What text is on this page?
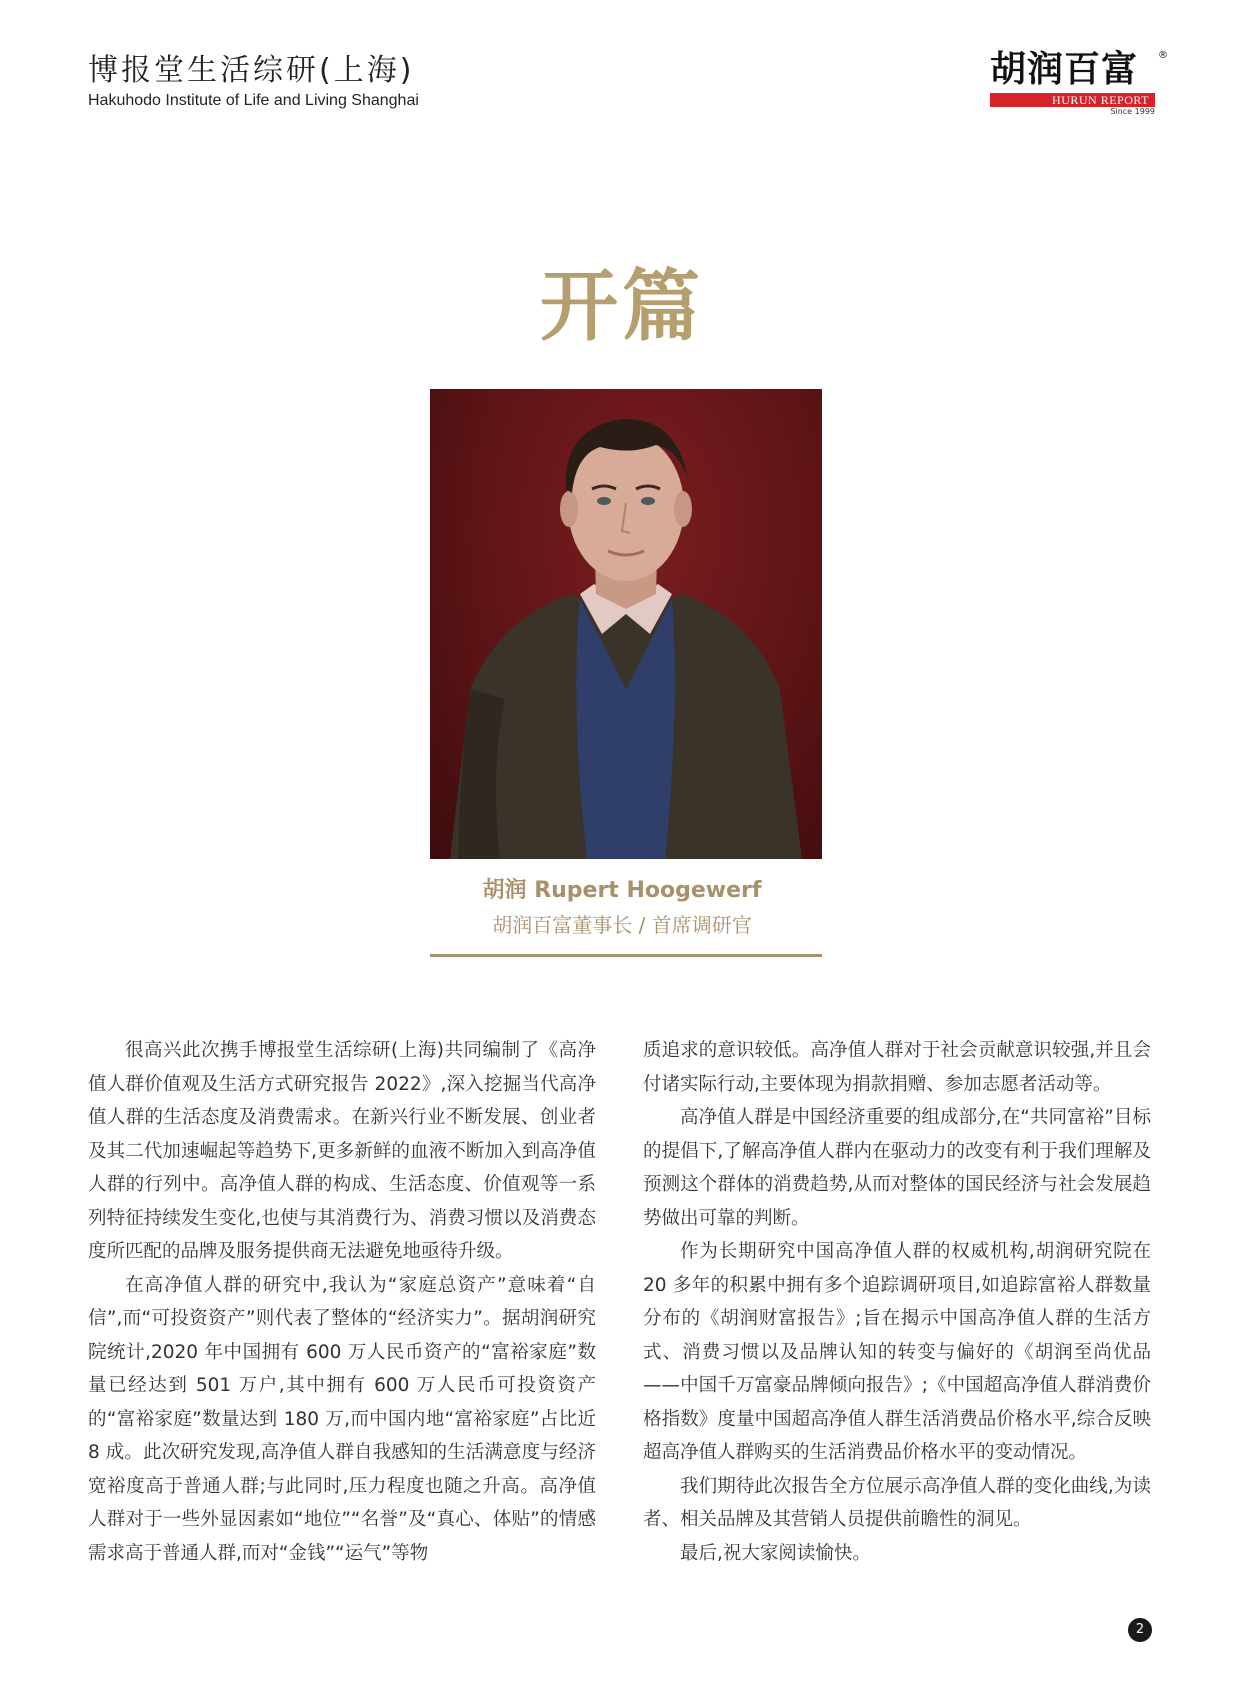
博报堂生活综研(上海)
Hakuhodo Institute of Life and Living Shanghai
胡润百富	®
HURUN REPORT
Since 1999
开篇
胡润 Rupert Hoogewerf
胡润百富董事长 / 首席调研官

很高兴此次携手博报堂生活综研(上海)共同编制了《高净值人群价值观及生活方式研究报告 2022》,深入挖掘当代高净值人群的生活态度及消费需求。在新兴行业不断发展、创业者及其二代加速崛起等趋势下,更多新鲜的血液不断加入到高净值人群的行列中。高净值人群的构成、生活态度、价值观等一系列特征持续发生变化,也使与其消费行为、消费习惯以及消费态度所匹配的品牌及服务提供商无法避免地亟待升级。

在高净值人群的研究中,我认为“家庭总资产”意味着“自信”,而“可投资资产”则代表了整体的“经济实力”。据胡润研究院统计,2020 年中国拥有 600 万人民币资产的“富裕家庭”数量已经达到 501 万户,其中拥有 600 万人民币可投资资产的“富裕家庭”数量达到 180 万,而中国内地“富裕家庭”占比近 8 成。此次研究发现,高净值人群自我感知的生活满意度与经济宽裕度高于普通人群;与此同时,压力程度也随之升高。高净值人群对于一些外显因素如“地位”“名誉”及“真心、体贴”的情感需求高于普通人群,而对“金钱”“运气”等物

质追求的意识较低。高净值人群对于社会贡献意识较强,并且会付诸实际行动,主要体现为捐款捐赠、参加志愿者活动等。

高净值人群是中国经济重要的组成部分,在“共同富裕”目标的提倡下,了解高净值人群内在驱动力的改变有利于我们理解及预测这个群体的消费趋势,从而对整体的国民经济与社会发展趋势做出可靠的判断。

作为长期研究中国高净值人群的权威机构,胡润研究院在 20 多年的积累中拥有多个追踪调研项目,如追踪富裕人群数量分布的《胡润财富报告》;旨在揭示中国高净值人群的生活方式、消费习惯以及品牌认知的转变与偏好的《胡润至尚优品——中国千万富豪品牌倾向报告》;《中国超高净值人群消费价格指数》度量中国超高净值人群生活消费品价格水平,综合反映超高净值人群购买的生活消费品价格水平的变动情况。

我们期待此次报告全方位展示高净值人群的变化曲线,为读者、相关品牌及其营销人员提供前瞻性的洞见。

最后,祝大家阅读愉快。

2
